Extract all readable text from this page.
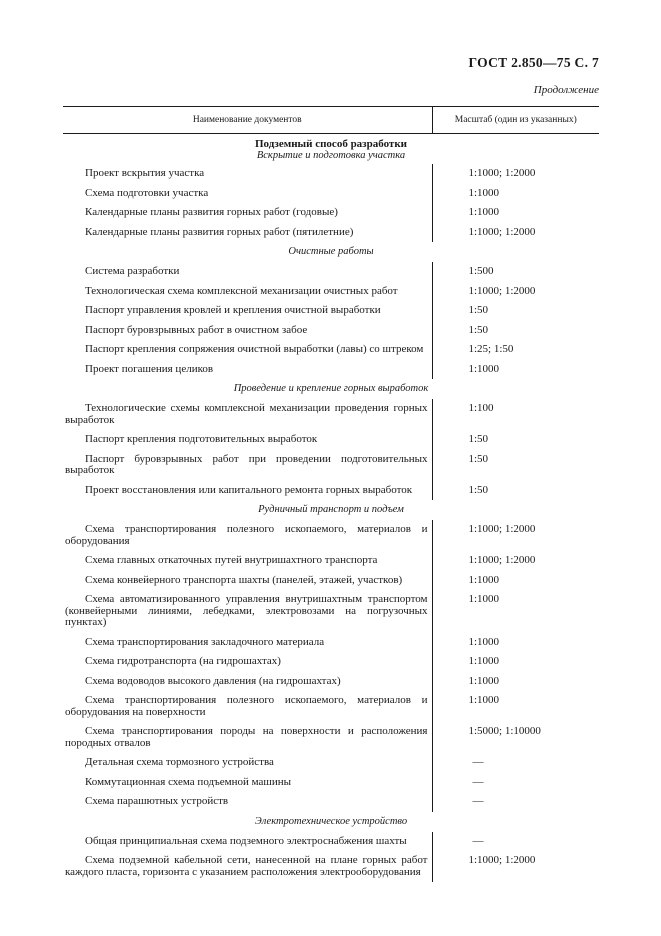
ГОСТ 2.850—75 С. 7
Продолжение
Наименование документов	Масштаб (один из указанных)
Подземный способ разработки	
Вскрытие и подготовка участка	
Проект вскрытия участка	1:1000; 1:2000
Схема подготовки участка	1:1000
Календарные планы развития горных работ (годовые)	1:1000
Календарные планы развития горных работ (пятилетние)	1:1000; 1:2000
Очистные работы	
Система разработки	1:500
Технологическая схема комплексной механизации очистных работ	1:1000; 1:2000
Паспорт управления кровлей и крепления очистной выработки	1:50
Паспорт буровзрывных работ в очистном забое	1:50
Паспорт крепления сопряжения очистной выработки (лавы) со штреком	1:25; 1:50
Проект погашения целиков	1:1000
Проведение и крепление горных выработок	
Технологические схемы комплексной механизации проведения горных выработок	1:100
Паспорт крепления подготовительных выработок	1:50
Паспорт буровзрывных работ при проведении подготовительных выработок	1:50
Проект восстановления или капитального ремонта горных выработок	1:50
Рудничный транспорт и подъем	
Схема транспортирования полезного ископаемого, материалов и оборудования	1:1000; 1:2000
Схема главных откаточных путей внутришахтного транспорта	1:1000; 1:2000
Схема конвейерного транспорта шахты (панелей, этажей, участков)	1:1000
Схема автоматизированного управления внутришахтным транспортом (конвейерными линиями, лебедками, электровозами на погрузочных пунктах)	1:1000
Схема транспортирования закладочного материала	1:1000
Схема гидротранспорта (на гидрошахтах)	1:1000
Схема водоводов высокого давления (на гидрошахтах)	1:1000
Схема транспортирования полезного ископаемого, материалов и оборудования на поверхности	1:1000
Схема транспортирования породы на поверхности и расположения породных отвалов	1:5000; 1:10000
Детальная схема тормозного устройства	—
Коммутационная схема подъемной машины	—
Схема парашютных устройств	—
Электротехническое устройство	
Общая принципиальная схема подземного электроснабжения шахты	—
Схема подземной кабельной сети, нанесенной на плане горных работ каждого пласта, горизонта с указанием расположения электрооборудования	1:1000; 1:2000
